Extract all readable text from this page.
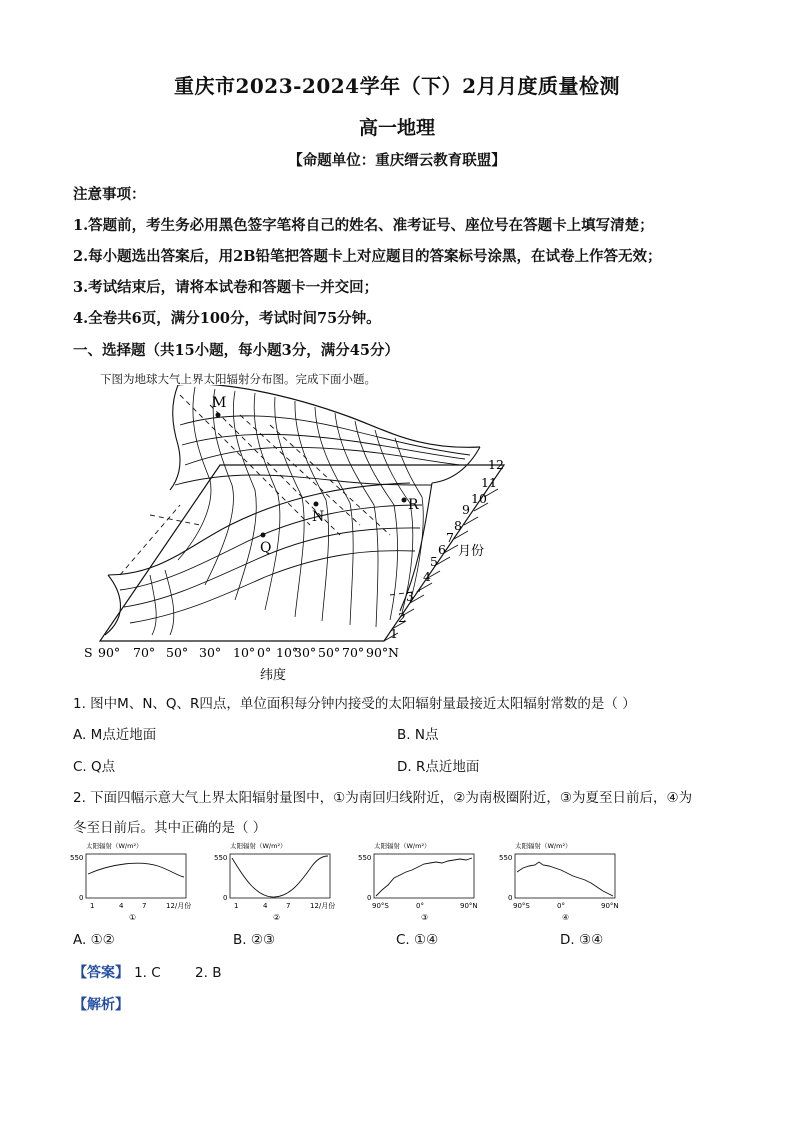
重庆市2023-2024学年（下）2月月度质量检测
高一地理
【命题单位：重庆缙云教育联盟】
注意事项：
1.答题前，考生务必用黑色签字笔将自己的姓名、准考证号、座位号在答题卡上填写清楚；
2.每小题选出答案后，用2B铅笔把答题卡上对应题目的答案标号涂黑，在试卷上作答无效；
3.考试结束后，请将本试卷和答题卡一并交回；
4.全卷共6页，满分100分，考试时间75分钟。
一、选择题（共15小题，每小题3分，满分45分）
下图为地球大气上界太阳辐射分布图。完成下面小题。
M
N
Q
R
1
2
3
4
5
6
7
8
9
10
11
12
月份
S 90° 70° 50° 30° 10° 0° 10°
30° 50° 70° 90° N
纬度
1. 图中M、N、Q、R四点，单位面积每分钟内接受的太阳辐射量最接近太阳辐射常数的是（ ）
A. M点近地面	B. N点
C. Q点	D. R点近地面
2. 下面四幅示意大气上界太阳辐射量图中，①为南回归线附近，②为南极圈附近，③为夏至日前后，④为
冬至日前后。其中正确的是（ ）
太阳辐射（W/m²）
550
0
1	4	7	12/月份
①
太阳辐射（W/m²）
550
0
1	4	7	12/月份
②
太阳辐射（W/m²）
550
0
90°S	0°	90°N
③
太阳辐射（W/m²）
550
0
90°S	0°	90°N
④
A. ①②	B. ②③	C. ①④	D. ③④
【答案】 1. C        2. B
【解析】
